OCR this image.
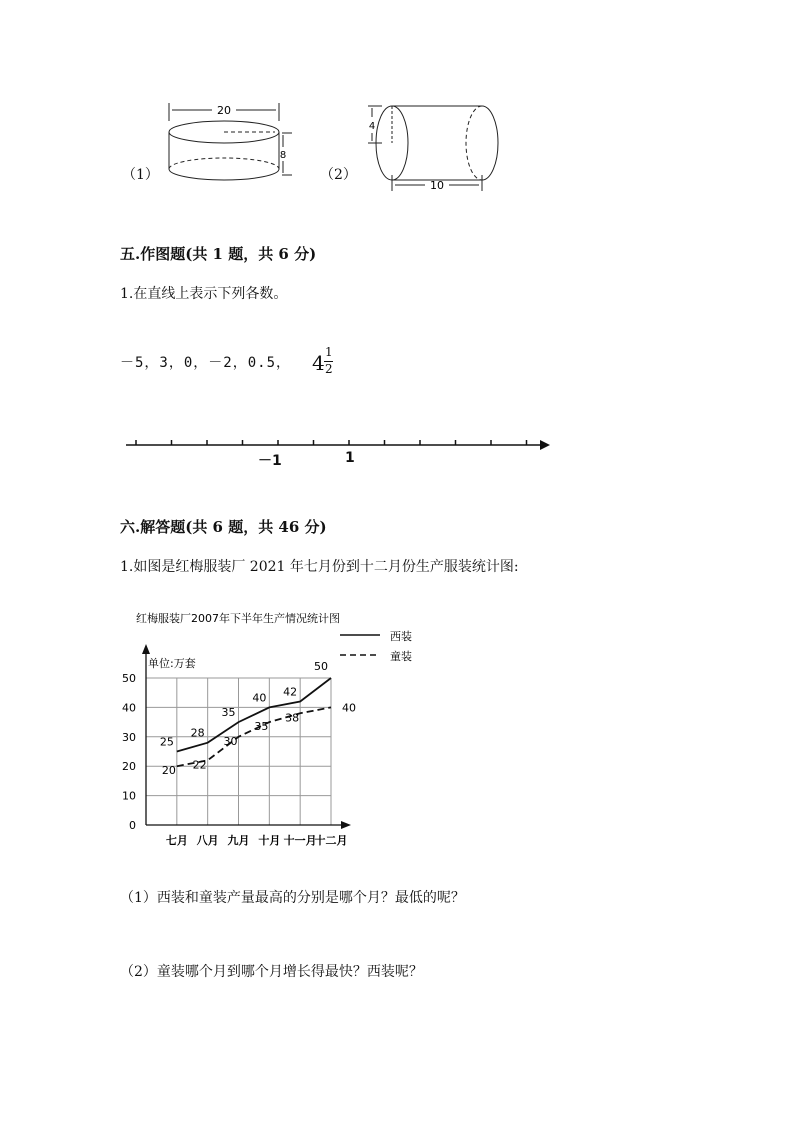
20
8
4
10
（1）	（2）
五.作图题(共 1 题，共 6 分)
1.在直线上表示下列各数。
－5，3，0，－2，0.5， 4 1
2
－1	1
六.解答题(共 6 题，共 46 分)
1.如图是红梅服装厂 2021 年七月份到十二月份生产服装统计图:
红梅服装厂2007年下半年生产情况统计图
单位:万套
0
10
20
30
40
50
七月 八月 九月 十月 十一月
十二月
25
28
35
40 42
50
20 22
30
35
38
40
西装
童装
（1）西装和童装产量最高的分别是哪个月？最低的呢？
（2）童装哪个月到哪个月增长得最快？西装呢？
